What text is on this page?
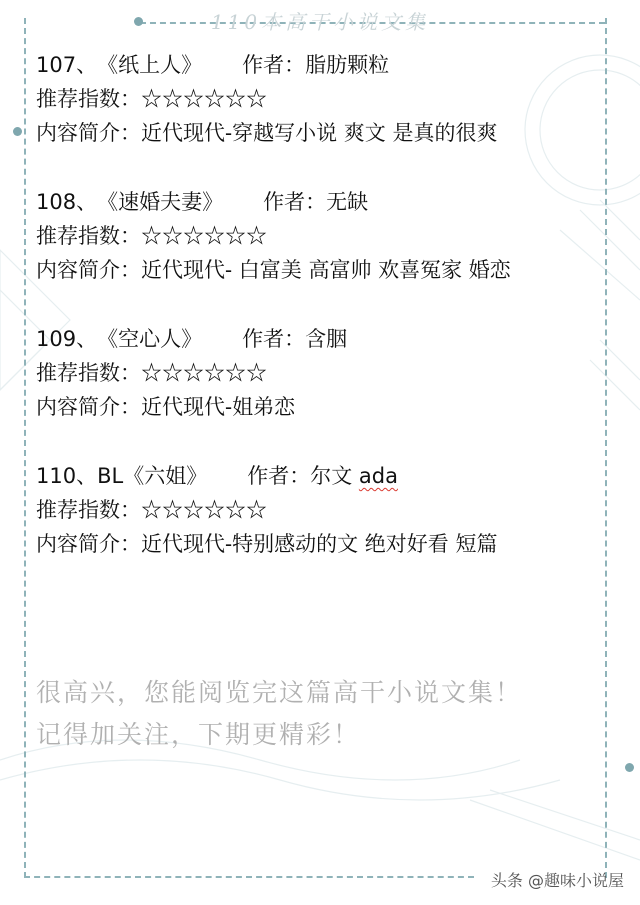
110本高干小说文集
107、《纸上人》 作者：脂肪颗粒
推荐指数：☆☆☆☆☆☆
内容简介：近代现代-穿越写小说 爽文 是真的很爽
108、《速婚夫妻》 作者：无缺
推荐指数：☆☆☆☆☆☆
内容简介：近代现代- 白富美 高富帅 欢喜冤家 婚恋
109、《空心人》 作者：含胭
推荐指数：☆☆☆☆☆☆
内容简介：近代现代-姐弟恋
110、BL《六姐》 作者：尔文 ada
推荐指数：☆☆☆☆☆☆
内容简介：近代现代-特别感动的文 绝对好看 短篇
很高兴，您能阅览完这篇高干小说文集！
记得加关注，下期更精彩！
头条 @趣味小说屋
